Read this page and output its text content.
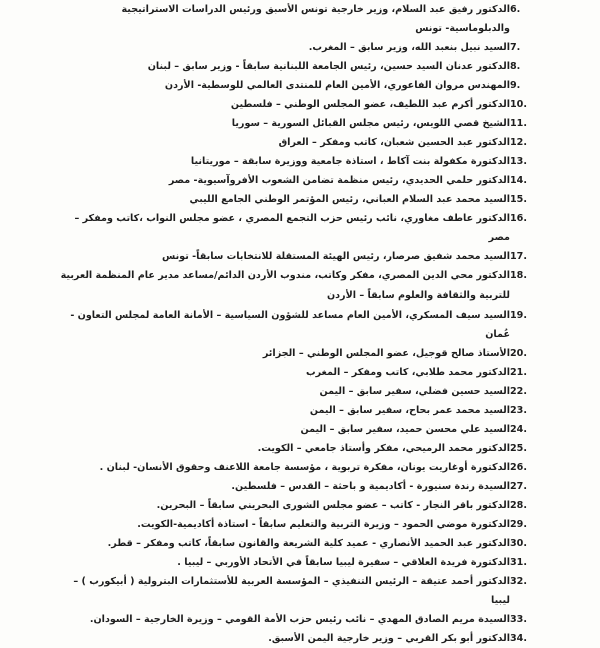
6.
الدكتور رفيق عبد السلام، وزير خارجية تونس الأسبق ورئيس الدراسات الاستراتيجية والدبلوماسية- تونس
7.
السيد نبيل بنعبد الله، وزير سابق – المغرب.
8.
الدكتور عدنان السيد حسين، رئيس الجامعة اللبنانية سابقاً - وزير سابق – لبنان
9.
المهندس مروان الفاعوري، الأمين العام للمنتدى العالمي للوسطية- الأردن
10.
الدكتور أكرم عبد اللطيف، عضو المجلس الوطني – فلسطين
11.
الشيخ قصي اللويس، رئيس مجلس القبائل السورية – سوريا
12.
الدكتور عبد الحسين شعبان، كاتب ومفكر – العراق
13.
الدكتورة مكفولة بنت آكاط ، استاذة جامعية ووزيرة سابقة – موريتانيا
14.
الدكتور حلمي الحديدي، رئيس منظمة تضامن الشعوب الأفروآسيوية- مصر
15.
السيد محمد عبد السلام العباني، رئيس المؤتمر الوطني الجامع الليبي
16.
الدكتور عاطف مغاوري، نائب رئيس حزب التجمع المصري ، عضو مجلس النواب ،كاتب ومفكر – مصر
17.
السيد محمد شفيق صرصار، رئيس الهيئة المستقلة للانتخابات سابقاً- تونس
18.
الدكتور محي الدين المصري، مفكر وكاتب، مندوب الأردن الدائم/مساعد مدير عام المنظمة العربية للتربية والثقافة والعلوم سابقاً – الأردن
19.
السيد سيف المسكري، الأمين العام مساعد للشؤون السياسية – الأمانة العامة لمجلس التعاون - عُمان
20.
الأستاذ صالح قوجيل، عضو المجلس الوطني – الجزائر
21.
الدكتور محمد طلابي، كاتب ومفكر – المغرب
22.
السيد حسين فضلي، سفير سابق – اليمن
23.
السيد محمد عمر بحاح، سفير سابق – اليمن
24.
السيد علي محسن حميد، سفير سابق – اليمن
25.
الدكتور محمد الرميحي، مفكر وأستاذ جامعي – الكويت.
26.
الدكتورة أوغاريت يونان، مفكرة تربوية ، مؤسسة جامعة اللاعنف وحقوق الأنسان- لبنان .
27.
السيدة رندة سنيورة - أكاديمية و باحثة – القدس – فلسطين.
28.
الدكتور باقر النجار - كاتب – عضو مجلس الشورى البحريني سابقاً – البحرين.
29.
الدكتورة موضي الحمود – وزيرة التربية والتعليم سابقاً - استاذة أكاديمية-الكويت.
30.
الدكتور عبد الحميد الأنصاري - عميد كلية الشريعة والقانون سابقاً، كاتب ومفكر – قطر.
31.
الدكتورة فريدة العلاقي – سفيرة ليبيا سابقاً في الأتحاد الأوربي – ليبيا .
32.
الدكتور أحمد عتيقة – الرئيس التنفيذي – المؤسسة العربية للأستثمارات البترولية ( أبيكورب ) – ليبيا
33.
السيدة مريم الصادق المهدي – نائب رئيس حزب الأمة القومي – وزيرة الخارجية – السودان.
34.
الدكتور أبو بكر القربي – وزير خارجية اليمن الأسبق.
